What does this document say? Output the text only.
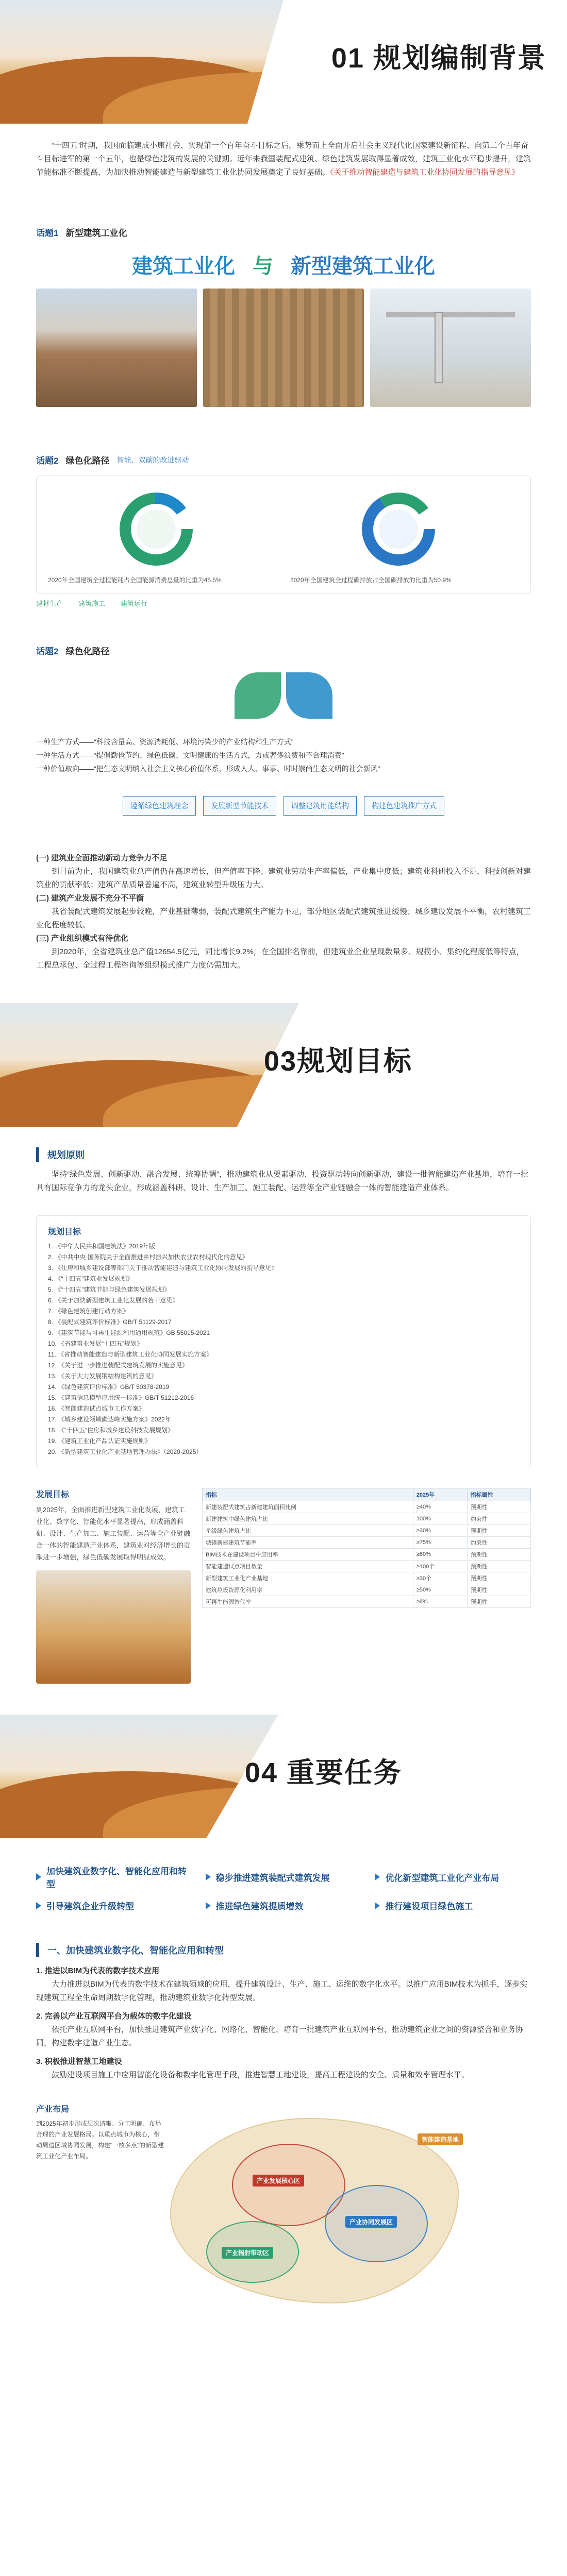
01 规划编制背景

“十四五”时期，我国面临建成小康社会、实现第一个百年奋斗目标之后，乘势而上全面开启社会主义现代化国家建设新征程、向第二个百年奋斗目标进军的第一个五年，也是绿色建筑的发展的关键期。近年来我国装配式建筑、绿色建筑发展取得显著成效，建筑工业化水平稳步提升，建筑节能标准不断提高，为加快推动智能建造与新型建筑工业化协同发展奠定了良好基础。《关于推动智能建造与建筑工业化协同发展的指导意见》

话题1 新型建筑工业化
建筑工业化 与 新型建筑工业化
话题2 绿色化路径 智能、双碳的改进驱动
2020年全国建筑全过程能耗占全国能源消费总量的比重为45.5%	2020年全国建筑全过程碳排放占全国碳排放的比重为50.9%
建材生产 建筑施工 建筑运行
话题2 绿色化路径
一种生产方式——“科技含量高、资源消耗低、环境污染少的产业结构和生产方式”
一种生活方式——“提倡勤俭节约、绿色低碳、文明健康的生活方式，力戒奢侈浪费和不合理消费”
一种价值取向——“把生态文明纳入社会主义核心价值体系，形成人人、事事、时时崇尚生态文明的社会新风”
遵循绿色建筑理念	发展新型节能技术	调整建筑用能结构	构建色建筑推广方式

(一) 建筑业全面推动新动力竞争力不足

到目前为止，我国建筑业总产值仍在高速增长，但产值率下降；建筑业劳动生产率偏低，产业集中度低；建筑业科研投入不足，科技创新对建筑业的贡献率低；建筑产品质量普遍不高，建筑业转型升级压力大。

(二) 建筑产业发展不充分不平衡

我省装配式建筑发展起步较晚，产业基础薄弱，装配式建筑生产能力不足，部分地区装配式建筑推进缓慢；城乡建设发展不平衡，农村建筑工业化程度较低。

(三) 产业组织模式有待优化

到2020年，全省建筑业总产值12654.5亿元，同比增长9.2%，在全国排名靠前，但建筑业企业呈现数量多、规模小、集约化程度低等特点，工程总承包、全过程工程咨询等组织模式推广力度仍需加大。

03规划目标
规划原则

坚持“绿色发展、创新驱动、融合发展、统筹协调”，推动建筑业从要素驱动、投资驱动转向创新驱动，建设一批智能建造产业基地，培育一批具有国际竞争力的龙头企业，形成涵盖科研、设计、生产加工、施工装配、运营等全产业链融合一体的智能建造产业体系。

规划目标
1. 《中华人民共和国建筑法》2019年版
2. 《中共中央 国务院关于全面推进乡村振兴加快农业农村现代化的意见》
3. 《住房和城乡建设部等部门关于推动智能建造与建筑工业化协同发展的指导意见》
4. 《“十四五”建筑业发展规划》
5. 《“十四五”建筑节能与绿色建筑发展规划》
6. 《关于加快新型建筑工业化发展的若干意见》
7. 《绿色建筑创建行动方案》
8. 《装配式建筑评价标准》GB/T 51129-2017
9. 《建筑节能与可再生能源利用通用规范》GB 55015-2021
10. 《省建筑业发展“十四五”规划》
11. 《省推动智能建造与新型建筑工业化协同发展实施方案》
12. 《关于进一步推进装配式建筑发展的实施意见》
13. 《关于大力发展钢结构建筑的意见》
14. 《绿色建筑评价标准》GB/T 50378-2019
15. 《建筑信息模型应用统一标准》GB/T 51212-2016
16. 《智能建造试点城市工作方案》
17. 《城乡建设领域碳达峰实施方案》2022年
18. 《“十四五”住房和城乡建设科技发展规划》
19. 《建筑工业化产品认证实施规则》
20. 《新型建筑工业化产业基地管理办法》（2020-2025）
发展目标

到2025年，全面推进新型建筑工业化发展，建筑工业化、数字化、智能化水平显著提高，形成涵盖科研、设计、生产加工、施工装配、运营等全产业链融合一体的智能建造产业体系，建筑业对经济增长的贡献进一步增强，绿色低碳发展取得明显成效。

指标	2025年	指标属性
新建装配式建筑占新建建筑面积比例	≥40%	预期性
新建建筑中绿色建筑占比	100%	约束性
星级绿色建筑占比	≥30%	预期性
城镇新建建筑节能率	≥75%	约束性
BIM技术在建设项目中应用率	≥60%	预期性
智能建造试点项目数量	≥100个	预期性
新型建筑工业化产业基地	≥30个	预期性
建筑垃圾资源化利用率	≥50%	预期性
可再生能源替代率	≥8%	预期性
04 重要任务
加快建筑业数字化、智能化应用和转型
稳步推进建筑装配式建筑发展	优化新型建筑工业化产业布局
引导建筑企业升级转型	推进绿色建筑提质增效	推行建设项目绿色施工
一、加快建筑业数字化、智能化应用和转型

1. 推进以BIM为代表的数字技术应用

大力推进以BIM为代表的数字技术在建筑领域的应用，提升建筑设计、生产、施工、运维的数字化水平。以推广应用BIM技术为抓手，逐步实现建筑工程全生命周期数字化管理，推动建筑业数字化转型发展。

2. 完善以产业互联网平台为载体的数字化建设

依托产业互联网平台，加快推进建筑产业数字化、网络化、智能化，培育一批建筑产业互联网平台，推动建筑企业之间的资源整合和业务协同，构建数字建造产业生态。

3. 积极推进智慧工地建设

鼓励建设项目施工中应用智能化设备和数字化管理手段，推进智慧工地建设，提高工程建设的安全、质量和效率管理水平。

产业布局

到2025年初步形成层次清晰、分工明确、布局合理的产业发展格局。以重点城市为核心，带动周边区域协同发展，构建“一核多点”的新型建筑工业化产业布局。

产业发展核心区
产业协同发展区
产业辐射带动区
智能建造基地
